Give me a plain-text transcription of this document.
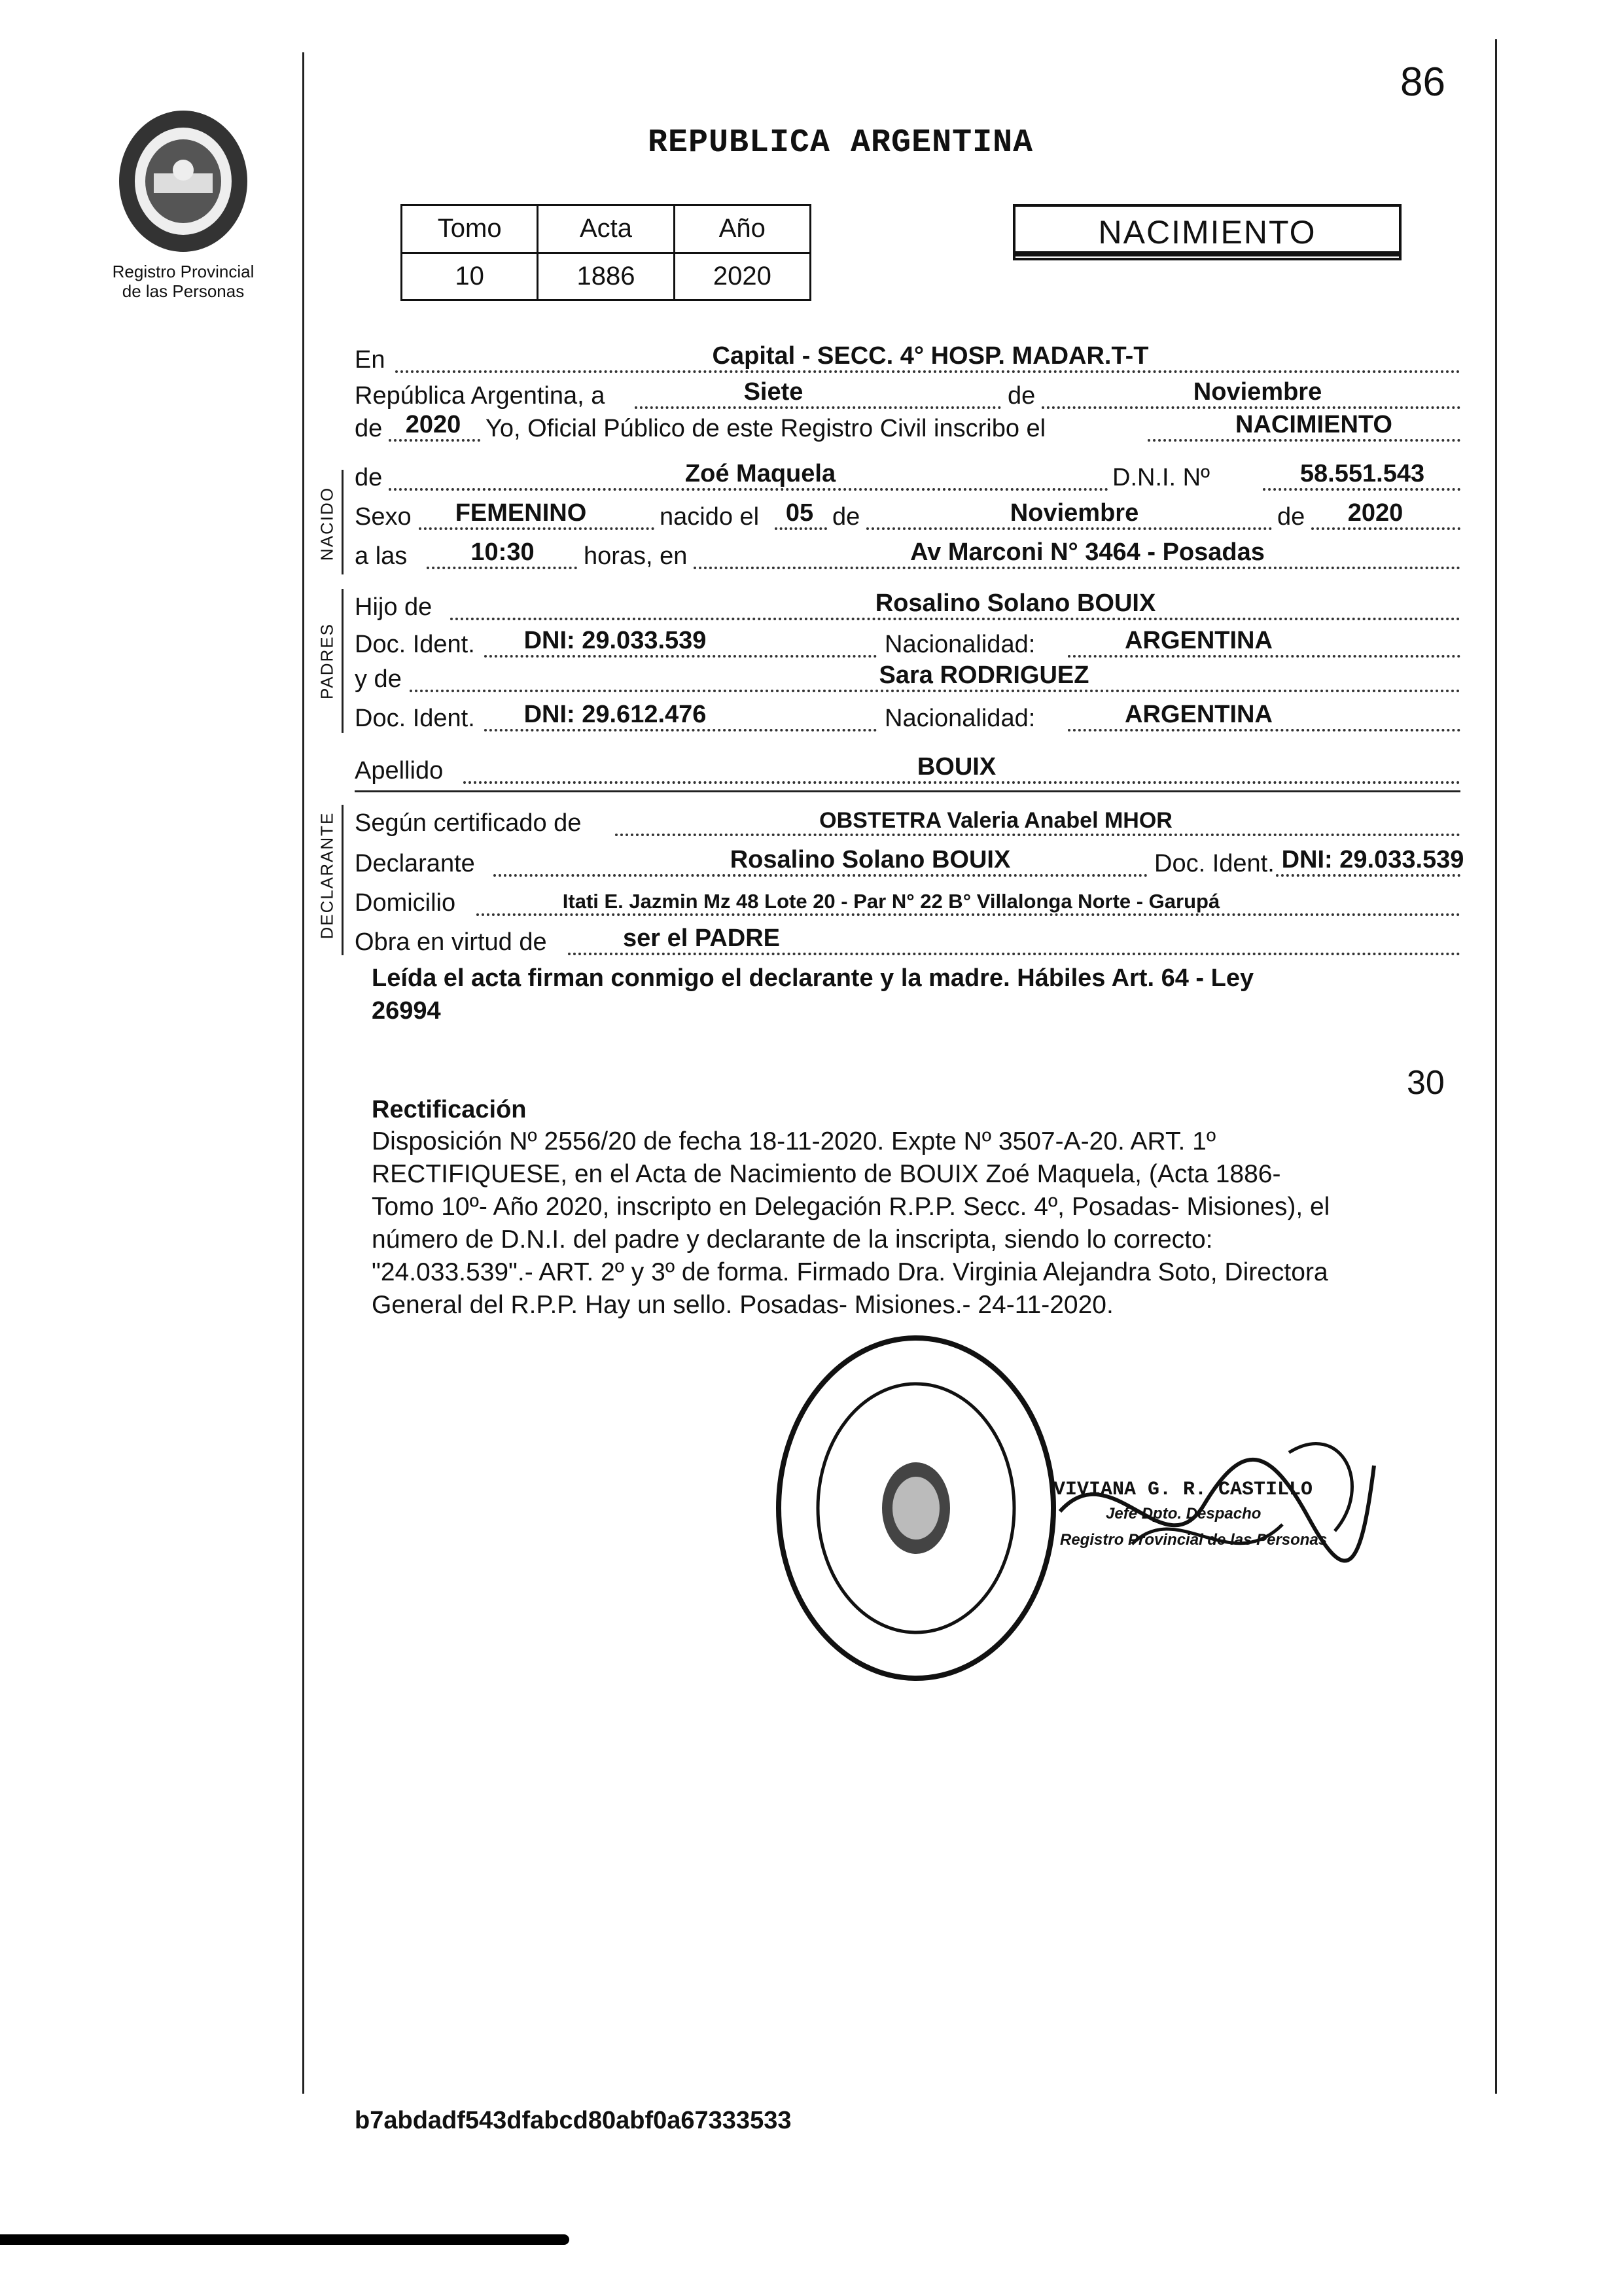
86
REPUBLICA ARGENTINA
Registro Provincial
de las Personas
Tomo	Acta	Año
10	1886	2020
NACIMIENTO
NACIDO
PADRES
DECLARANTE
En	Capital - SECC. 4° HOSP. MADAR.T-T
República Argentina, a	Siete	de	Noviembre
de 2020 Yo, Oficial Público de este Registro Civil inscribo el	NACIMIENTO
de	Zoé Maquela	D.N.I. Nº	58.551.543
Sexo FEMENINO	nacido el 05 de	Noviembre	de 2020
a las	10:30 horas, en	Av Marconi N° 3464 - Posadas
Hijo de	Rosalino Solano BOUIX
Doc. Ident. DNI: 29.033.539	Nacionalidad:	ARGENTINA
y de	Sara RODRIGUEZ
Doc. Ident. DNI: 29.612.476	Nacionalidad:	ARGENTINA
Apellido	BOUIX
Según certificado de	OBSTETRA Valeria Anabel MHOR
Declarante	Rosalino Solano BOUIX	Doc. Ident. DNI: 29.033.539
Domicilio	Itati E. Jazmin Mz 48 Lote 20 - Par N° 22 B° Villalonga Norte - Garupá
Obra en virtud de	ser el PADRE
Leída el acta firman conmigo el declarante y la madre. Hábiles Art. 64 - Ley
26994
30
Rectificación
Disposición Nº 2556/20 de fecha 18-11-2020. Expte Nº 3507-A-20. ART. 1º
RECTIFIQUESE, en el Acta de Nacimiento de BOUIX Zoé Maquela, (Acta 1886-
Tomo 10º- Año 2020, inscripto en Delegación R.P.P. Secc. 4º, Posadas- Misiones), el
número de D.N.I. del padre y declarante de la inscripta, siendo lo correcto:
"24.033.539".- ART. 2º y 3º de forma. Firmado Dra. Virginia Alejandra Soto, Directora
General del R.P.P. Hay un sello. Posadas- Misiones.- 24-11-2020.
VIVIANA G. R. CASTILLO
Jefe Dpto. Despacho
Registro Provincial de las Personas
b7abdadf543dfabcd80abf0a67333533
